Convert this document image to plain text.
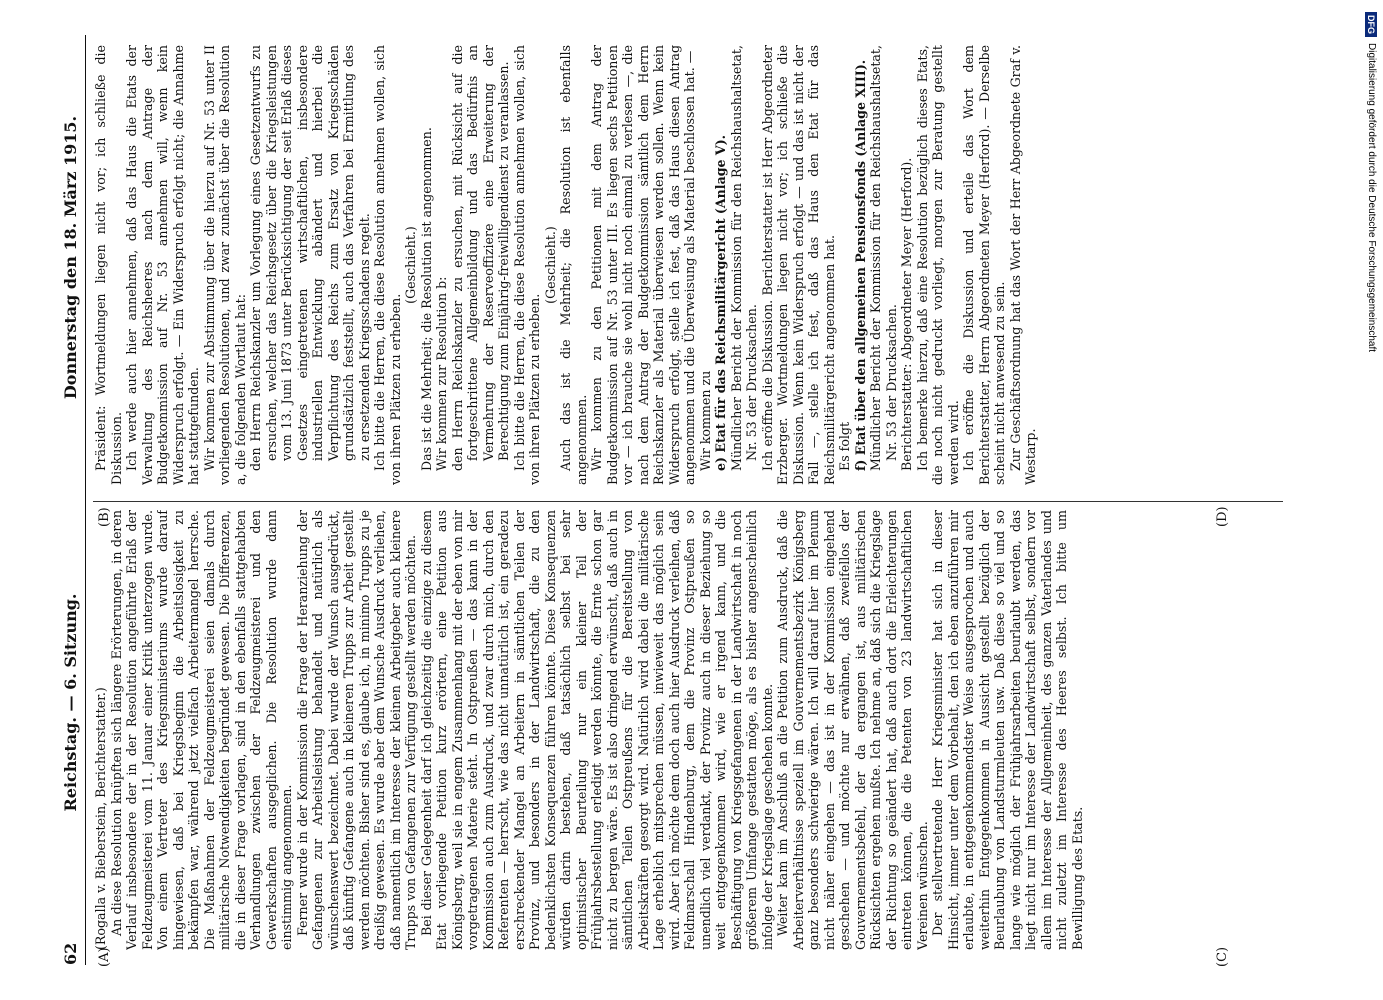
62
Reichstag. — 6. Sitzung.
Donnerstag den 18. März 1915.

(Rogalla v. Bieberstein, Berichterstatter.) An diese Resolution knüpften sich längere Erörterungen, in deren Verlauf insbesondere der in der Resolution angeführte Erlaß der Feldzeugmeisterei vom 11. Januar einer Kritik unterzogen wurde. Von einem Vertreter des Kriegsministeriums wurde darauf hingewiesen, daß bei Kriegsbeginn die Arbeitslosigkeit zu bekämpfen war, während jetzt vielfach Arbeitermangel herrsche. Die Maßnahmen der Feldzeugmeisterei seien damals durch militärische Notwendigkeiten begründet gewesen. Die Differenzen, die in dieser Frage vorlagen, sind in den ebenfalls stattgehabten Verhandlungen zwischen der Feldzeugmeisterei und den Gewerkschaften ausgeglichen. Die Resolution wurde dann einstimmig angenommen. Ferner wurde in der Kommission die Frage der Heranziehung der Gefangenen zur Arbeitsleistung behandelt und natürlich als wünschenswert bezeichnet. Dabei wurde der Wunsch ausgedrückt, daß künftig Gefangene auch in kleineren Trupps zur Arbeit gestellt werden möchten. Bisher sind es, glaube ich, in minimo Trupps zu je dreißig gewesen. Es wurde aber dem Wunsche Ausdruck verliehen, daß namentlich im Interesse der kleinen Arbeitgeber auch kleinere Trupps von Gefangenen zur Verfügung gestellt werden möchten. Bei dieser Gelegenheit darf ich gleichzeitig die einzige zu diesem Etat vorliegende Petition kurz erörtern, eine Petition aus Königsberg, weil sie in engem Zusammenhang mit der eben von mir vorgetragenen Materie steht. In Ostpreußen — das kann in der Kommission auch zum Ausdruck, und zwar durch mich, durch den Referenten — herrscht, wie das nicht unnatürlich ist, ein geradezu erschreckender Mangel an Arbeitern in sämtlichen Teilen der Provinz, und besonders in der Landwirtschaft, die zu den bedenklichsten Konsequenzen führen könnte. Diese Konsequenzen würden darin bestehen, daß tatsächlich selbst bei sehr optimistischer Beurteilung nur ein kleiner Teil der Frühjahrsbestellung erledigt werden könnte, die Ernte schon gar nicht zu bergen wäre. Es ist also dringend erwünscht, daß auch in sämtlichen Teilen Ostpreußens für die Bereitstellung von Arbeitskräften gesorgt wird. Natürlich wird dabei die militärische Lage erheblich mitsprechen müssen, inwieweit das möglich sein wird. Aber ich möchte dem doch auch hier Ausdruck verleihen, daß Feldmarschall Hindenburg, dem die Provinz Ostpreußen so unendlich viel verdankt, der Provinz auch in dieser Beziehung so weit entgegenkommen wird, wie er irgend kann, und die Beschäftigung von Kriegsgefangenen in der Landwirtschaft in noch größerem Umfange gestatten möge, als es bisher angenscheinlich infolge der Kriegslage geschehen konnte. Weiter kam im Anschluß an die Petition zum Ausdruck, daß die Arbeiterverhältnisse speziell im Gouvernementsbezirk Königsberg ganz besonders schwierige wären. Ich will darauf hier im Plenum nicht näher eingehen — das ist in der Kommission eingehend geschehen — und möchte nur erwähnen, daß zweifellos der Gouvernementsbefehl, der da ergangen ist, aus militärischen Rücksichten ergehen mußte. Ich nehme an, daß sich die Kriegslage der Richtung so geändert hat, daß auch dort die Erleichterungen eintreten können, die die Petenten von 23 landwirtschaftlichen Vereinen wünschen. Der stellvertretende Herr Kriegsminister hat sich in dieser Hinsicht, immer unter dem Vorbehalt, den ich eben anzuführen mir erlaubte, in entgegenkommendster Weise ausgesprochen und auch weiterhin Entgegenkommen in Aussicht gestellt bezüglich der Beurlaubung von Landsturmleuten usw. Daß diese so viel und so lange wie möglich der Frühjahrsarbeiten beurlaubt werden, das liegt nicht nur im Interesse der Landwirtschaft selbst, sondern vor allem im Interesse der Allgemeinheit, des ganzen Vaterlandes und nicht zuletzt im Interesse des Heeres selbst. Ich bitte um Bewilligung des Etats.

Präsident: Wortmeldungen liegen nicht vor; ich schließe die Diskussion. Ich werde auch hier annehmen, daß das Haus die Etats der Verwaltung des Reichsheeres nach dem Antrage der Budgetkommission auf Nr. 53 annehmen will, wenn kein Widerspruch erfolgt. — Ein Widerspruch erfolgt nicht; die Annahme hat stattgefunden. Wir kommen zur Abstimmung über die hierzu auf Nr. 53 unter II vorliegenden Resolutionen, und zwar zunächst über die Resolution a, die folgenden Wortlaut hat: den Herrn Reichskanzler um Vorlegung eines Gesetzentwurfs zu ersuchen, welcher das Reichsgesetz über die Kriegsleistungen vom 13. Juni 1873 unter Berücksichtigung der seit Erlaß dieses Gesetzes eingetretenen wirtschaftlichen, insbesondere industriellen Entwicklung abändert und hierbei die Verpflichtung des Reichs zum Ersatz von Kriegsschäden grundsätzlich feststellt, auch das Verfahren bei Ermittlung des zu ersetzenden Kriegsschadens regelt. Ich bitte die Herren, die diese Resolution annehmen wollen, sich von ihren Plätzen zu erheben.

(Geschieht.) Das ist die Mehrheit; die Resolution ist angenommen. Wir kommen zur Resolution b: den Herrn Reichskanzler zu ersuchen, mit Rücksicht auf die fortgeschrittene Allgemeinbildung und das Bedürfnis an Vermehrung der Reserveoffiziere eine Erweiterung der Berechtigung zum Einjährig-freiwilligendienst zu veranlassen. Ich bitte die Herren, die diese Resolution annehmen wollen, sich von ihren Plätzen zu erheben.

(Geschieht.) Auch das ist die Mehrheit; die Resolution ist ebenfalls angenommen. Wir kommen zu den Petitionen mit dem Antrag der Budgetkommission auf Nr. 53 unter III. Es liegen sechs Petitionen vor — ich brauche sie wohl nicht noch einmal zu verlesen —, die nach dem Antrag der Budgetkommission sämtlich dem Herrn Reichskanzler als Material überwiesen werden sollen. Wenn kein Widerspruch erfolgt, stelle ich fest, daß das Haus diesen Antrag angenommen und die Überweisung als Material beschlossen hat. — Wir kommen zu e) Etat für das Reichsmilitärgericht (Anlage V). Mündlicher Bericht der Kommission für den Reichshaushaltsetat, Nr. 53 der Drucksachen. Ich eröffne die Diskussion. Berichterstatter ist Herr Abgeordneter Erzberger. Wortmeldungen liegen nicht vor; ich schließe die Diskussion. Wenn kein Widerspruch erfolgt — und das ist nicht der Fall —, stelle ich fest, daß das Haus den Etat für das Reichsmilitärgericht angenommen hat. Es folgt f) Etat über den allgemeinen Pensionsfonds (Anlage XIII). Mündlicher Bericht der Kommission für den Reichshaushaltsetat, Nr. 53 der Drucksachen. Berichterstatter: Abgeordneter Meyer (Herford). Ich bemerke hierzu, daß eine Resolution bezüglich dieses Etats, die noch nicht gedruckt vorliegt, morgen zur Beratung gestellt werden wird. Ich eröffne die Diskussion und erteile das Wort dem Berichterstatter, Herrn Abgeordneten Meyer (Herford). — Derselbe scheint nicht anwesend zu sein. Zur Geschäftsordnung hat das Wort der Herr Abgeordnete Graf v. Westarp.

(A)
(B)
(C)
(D)
DFG
Digitalisierung gefördert durch die Deutsche Forschungsgemeinschaft
